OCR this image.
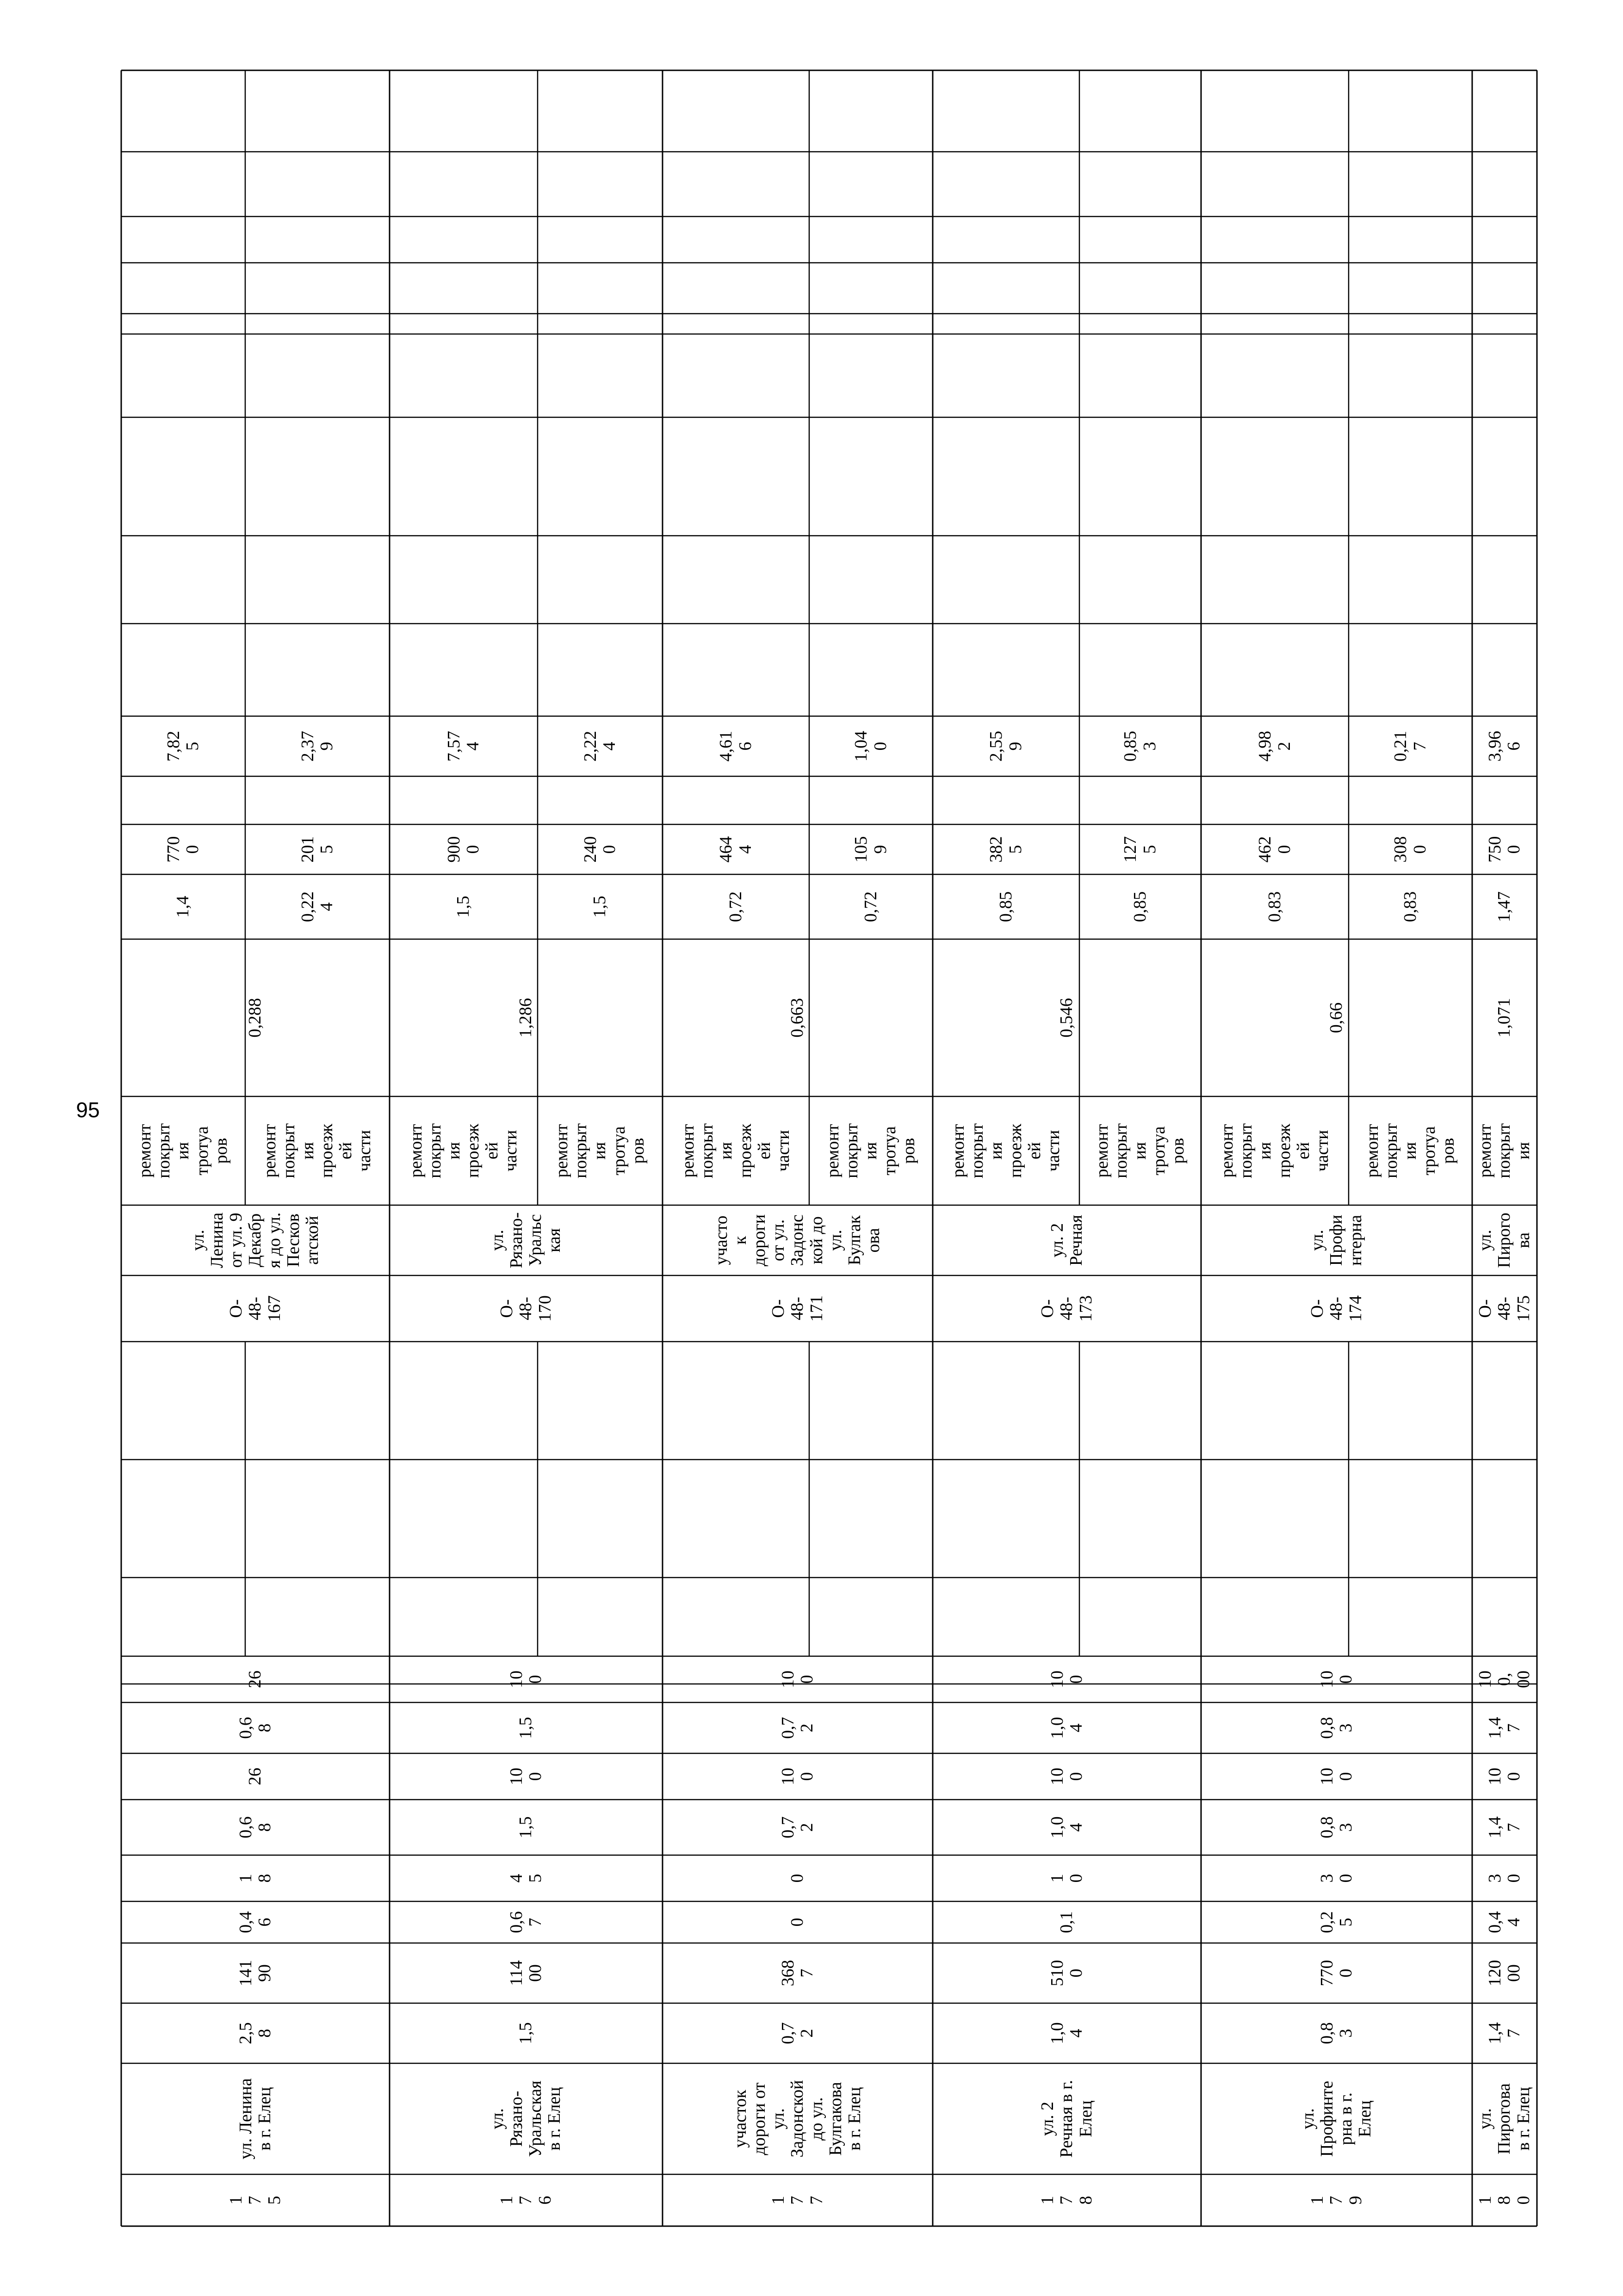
95
1 7 5
ул. Ленина в г. Елец
2,5 8
141 90
0,4 6
1 8
0,6 8
26
0,6 8
26
О- 48- 167
ул. Ленина от ул. 9 Декабр я до ул. Песков атской
ремонт покрыт ия тротуа ров
1,4
770 0
7,82 5
ремонт покрыт ия проезж ей части
0,22 4
201 5
2,37 9
0,288
1 7 6
ул. Рязано- Уральская в г. Елец
1,5
114 00
0,6 7
4 5
1,5
10 0
1,5
10 0
О- 48- 170
ул. Рязано- Уральс кая
ремонт покрыт ия проезж ей части
1,5
900 0
7,57 4
ремонт покрыт ия тротуа ров
1,5
240 0
2,22 4
1,286
1 7 7
участок дороги от ул. Задонской до ул. Булгакова в г. Елец
0,7 2
368 7
0
0
0,7 2
10 0
0,7 2
10 0
О- 48- 171
участо к дороги от ул. Задонс кой до ул. Булгак ова
ремонт покрыт ия проезж ей части
0,72
464 4
4,61 6
ремонт покрыт ия тротуа ров
0,72
105 9
1,04 0
0,663
1 7 8
ул. 2 Речная в г. Елец
1,0 4
510 0
0,1
1 0
1,0 4
10 0
1,0 4
10 0
О- 48- 173
ул. 2 Речная
ремонт покрыт ия проезж ей части
0,85
382 5
2,55 9
ремонт покрыт ия тротуа ров
0,85
127 5
0,85 3
0,546
1 7 9
ул. Профинте рна в г. Елец
0,8 3
770 0
0,2 5
3 0
0,8 3
10 0
0,8 3
10 0
О- 48- 174
ул. Профи нтерна
ремонт покрыт ия проезж ей части
0,83
462 0
4,98 2
ремонт покрыт ия тротуа ров
0,83
308 0
0,21 7
0,66
1 8 0
ул. Пирогова в г. Елец
1,4 7
120 00
0,4 4
3 0
1,4 7
10 0
1,4 7
10 0, 00
О- 48- 175
ул. Пирого ва
ремонт покрыт ия
1,47
750 0
3,96 6
1,071
